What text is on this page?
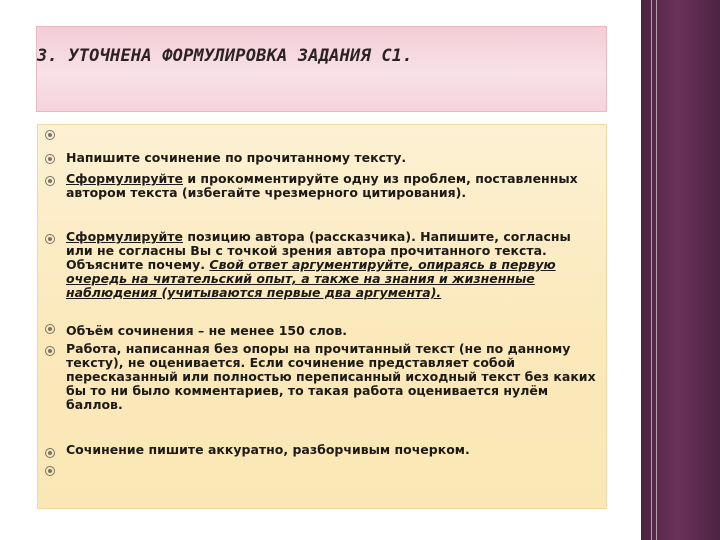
3. УТОЧНЕНА ФОРМУЛИРОВКА ЗАДАНИЯ С1.
Напишите сочинение по прочитанному тексту.
Сформулируйте и прокомментируйте одну из проблем, поставленных автором текста (избегайте чрезмерного цитирования).
Сформулируйте позицию автора (рассказчика). Напишите, согласны или не согласны Вы с точкой зрения автора прочитанного текста. Объясните почему. Свой ответ аргументируйте, опираясь в первую очередь на читательский опыт, а также на знания и жизненные наблюдения (учитываются первые два аргумента).
Объём сочинения – не менее 150 слов.
Работа, написанная без опоры на прочитанный текст (не по данному тексту), не оценивается. Если сочинение представляет собой пересказанный или полностью переписанный исходный текст без каких бы то ни было комментариев, то такая работа оценивается нулём баллов.
Сочинение пишите аккуратно, разборчивым почерком.
